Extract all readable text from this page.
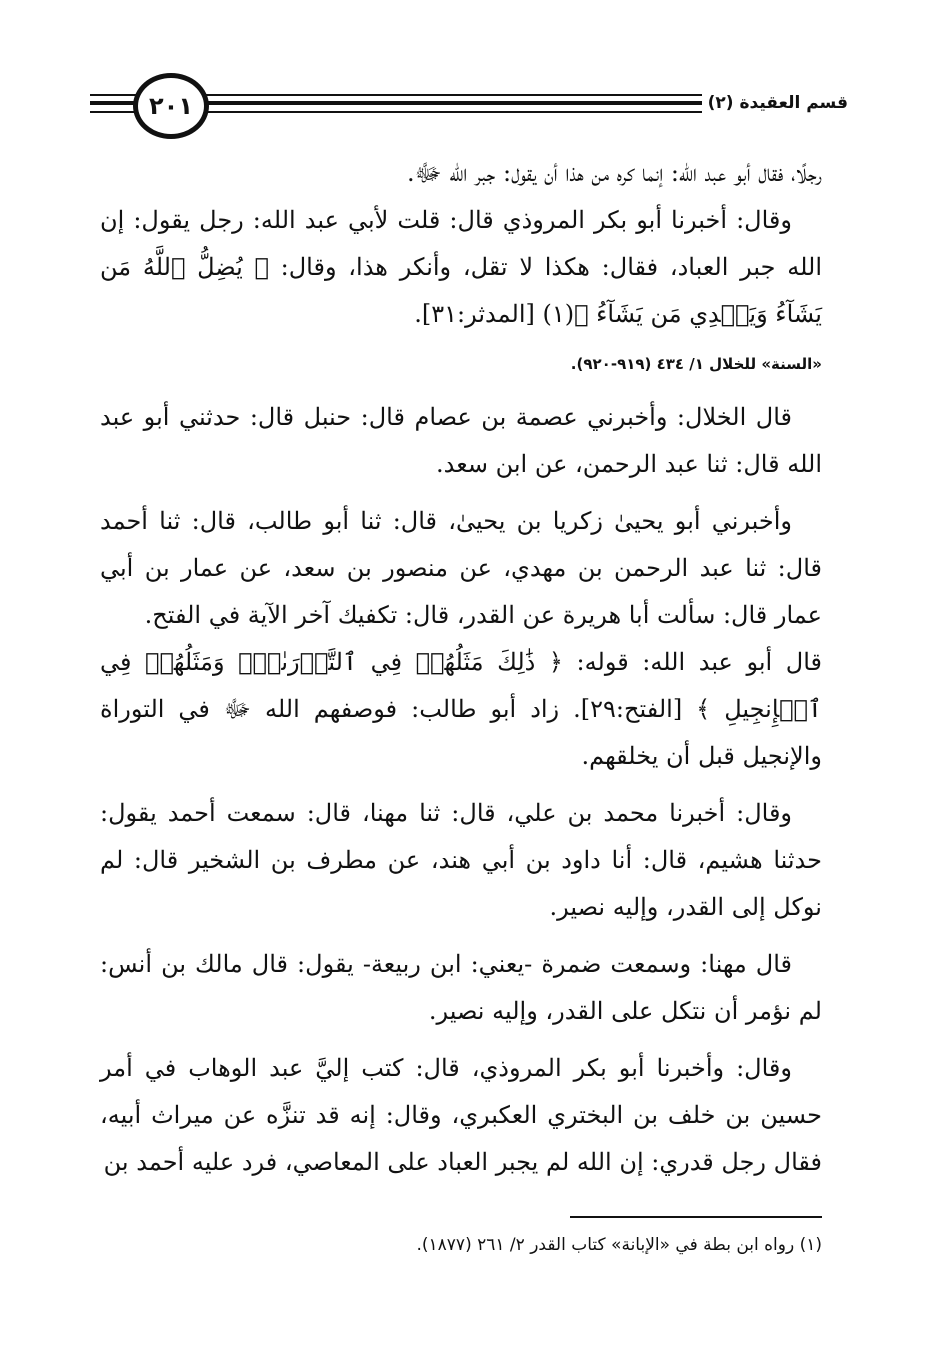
قسم العقيدة (٢)
٢٠١

رجلًا، فقال أبو عبد الله: إنما كره من هذا أن يقول: جبر الله ﷻ.

وقال: أخبرنا أبو بكر المروذي قال: قلت لأبي عبد الله: رجل يقول: إن الله جبر العباد، فقال: هكذا لا تقل، وأنكر هذا، وقال: ﴿ يُضِلُّ ٱللَّهُ مَن يَشَآءُ وَيَهۡدِي مَن يَشَآءُ ﴾(١) [المدثر:٣١].

«السنة» للخلال ١/ ٤٣٤ (٩١٩-٩٢٠).

قال الخلال: وأخبرني عصمة بن عصام قال: حنبل قال: حدثني أبو عبد الله قال: ثنا عبد الرحمن، عن ابن سعد.

وأخبرني أبو يحيىٰ زكريا بن يحيىٰ، قال: ثنا أبو طالب، قال: ثنا أحمد قال: ثنا عبد الرحمن بن مهدي، عن منصور بن سعد، عن عمار بن أبي عمار قال: سألت أبا هريرة عن القدر، قال: تكفيك آخر الآية في الفتح.

قال أبو عبد الله: قوله: ﴿ ذَٰلِكَ مَثَلُهُمۡ فِي ٱلتَّوۡرَىٰةِۚ وَمَثَلُهُمۡ فِي ٱلۡإِنجِيلِ ﴾ [الفتح:٢٩]. زاد أبو طالب: فوصفهم الله ﷻ في التوراة والإنجيل قبل أن يخلقهم.

وقال: أخبرنا محمد بن علي، قال: ثنا مهنا، قال: سمعت أحمد يقول: حدثنا هشيم، قال: أنا داود بن أبي هند، عن مطرف بن الشخير قال: لم نوكل إلى القدر، وإليه نصير.

قال مهنا: وسمعت ضمرة -يعني: ابن ربيعة- يقول: قال مالك بن أنس: لم نؤمر أن نتكل على القدر، وإليه نصير.

وقال: وأخبرنا أبو بكر المروذي، قال: كتب إليَّ عبد الوهاب في أمر حسين بن خلف بن البختري العكبري، وقال: إنه قد تنزَّه عن ميراث أبيه، فقال رجل قدري: إن الله لم يجبر العباد على المعاصي، فرد عليه أحمد بن

(١) رواه ابن بطة في «الإبانة» كتاب القدر ٢/ ٢٦١ (١٨٧٧).
